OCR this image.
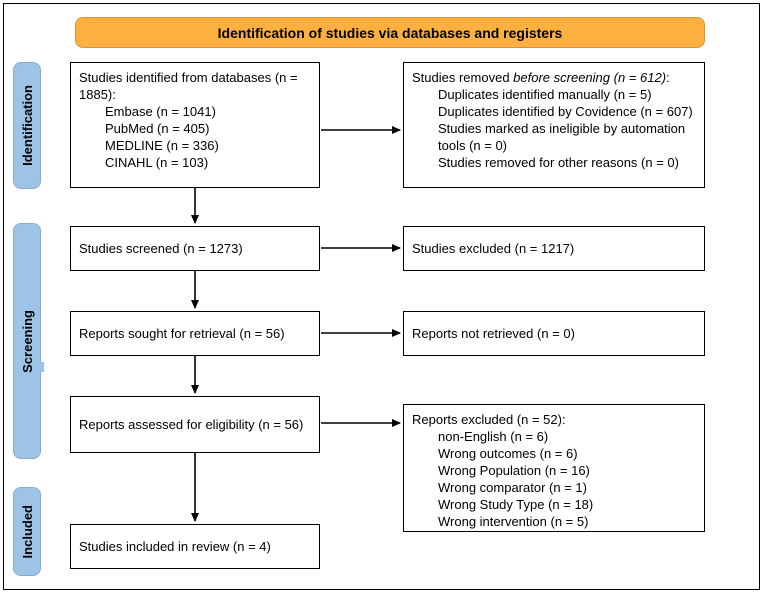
Identification of studies via databases and registers
Identification
Screening
Included
Studies identified from databases (n = 1885):
Embase (n = 1041)
PubMed (n = 405)
MEDLINE (n = 336)
CINAHL (n = 103)
Studies removed before screening (n = 612):
Duplicates identified manually (n = 5)
Duplicates identified by Covidence (n = 607)
Studies marked as ineligible by automation tools (n = 0)
Studies removed for other reasons (n = 0)
Studies screened (n = 1273)	Studies excluded (n = 1217)
Reports sought for retrieval (n = 56)	Reports not retrieved (n = 0)
Reports assessed for eligibility (n = 56)	Reports excluded (n = 52):
non-English (n = 6)
Wrong outcomes (n = 6)
Wrong Population (n = 16)
Wrong comparator (n = 1)
Wrong Study Type (n = 18)
Wrong intervention (n = 5)
Studies included in review (n = 4)
